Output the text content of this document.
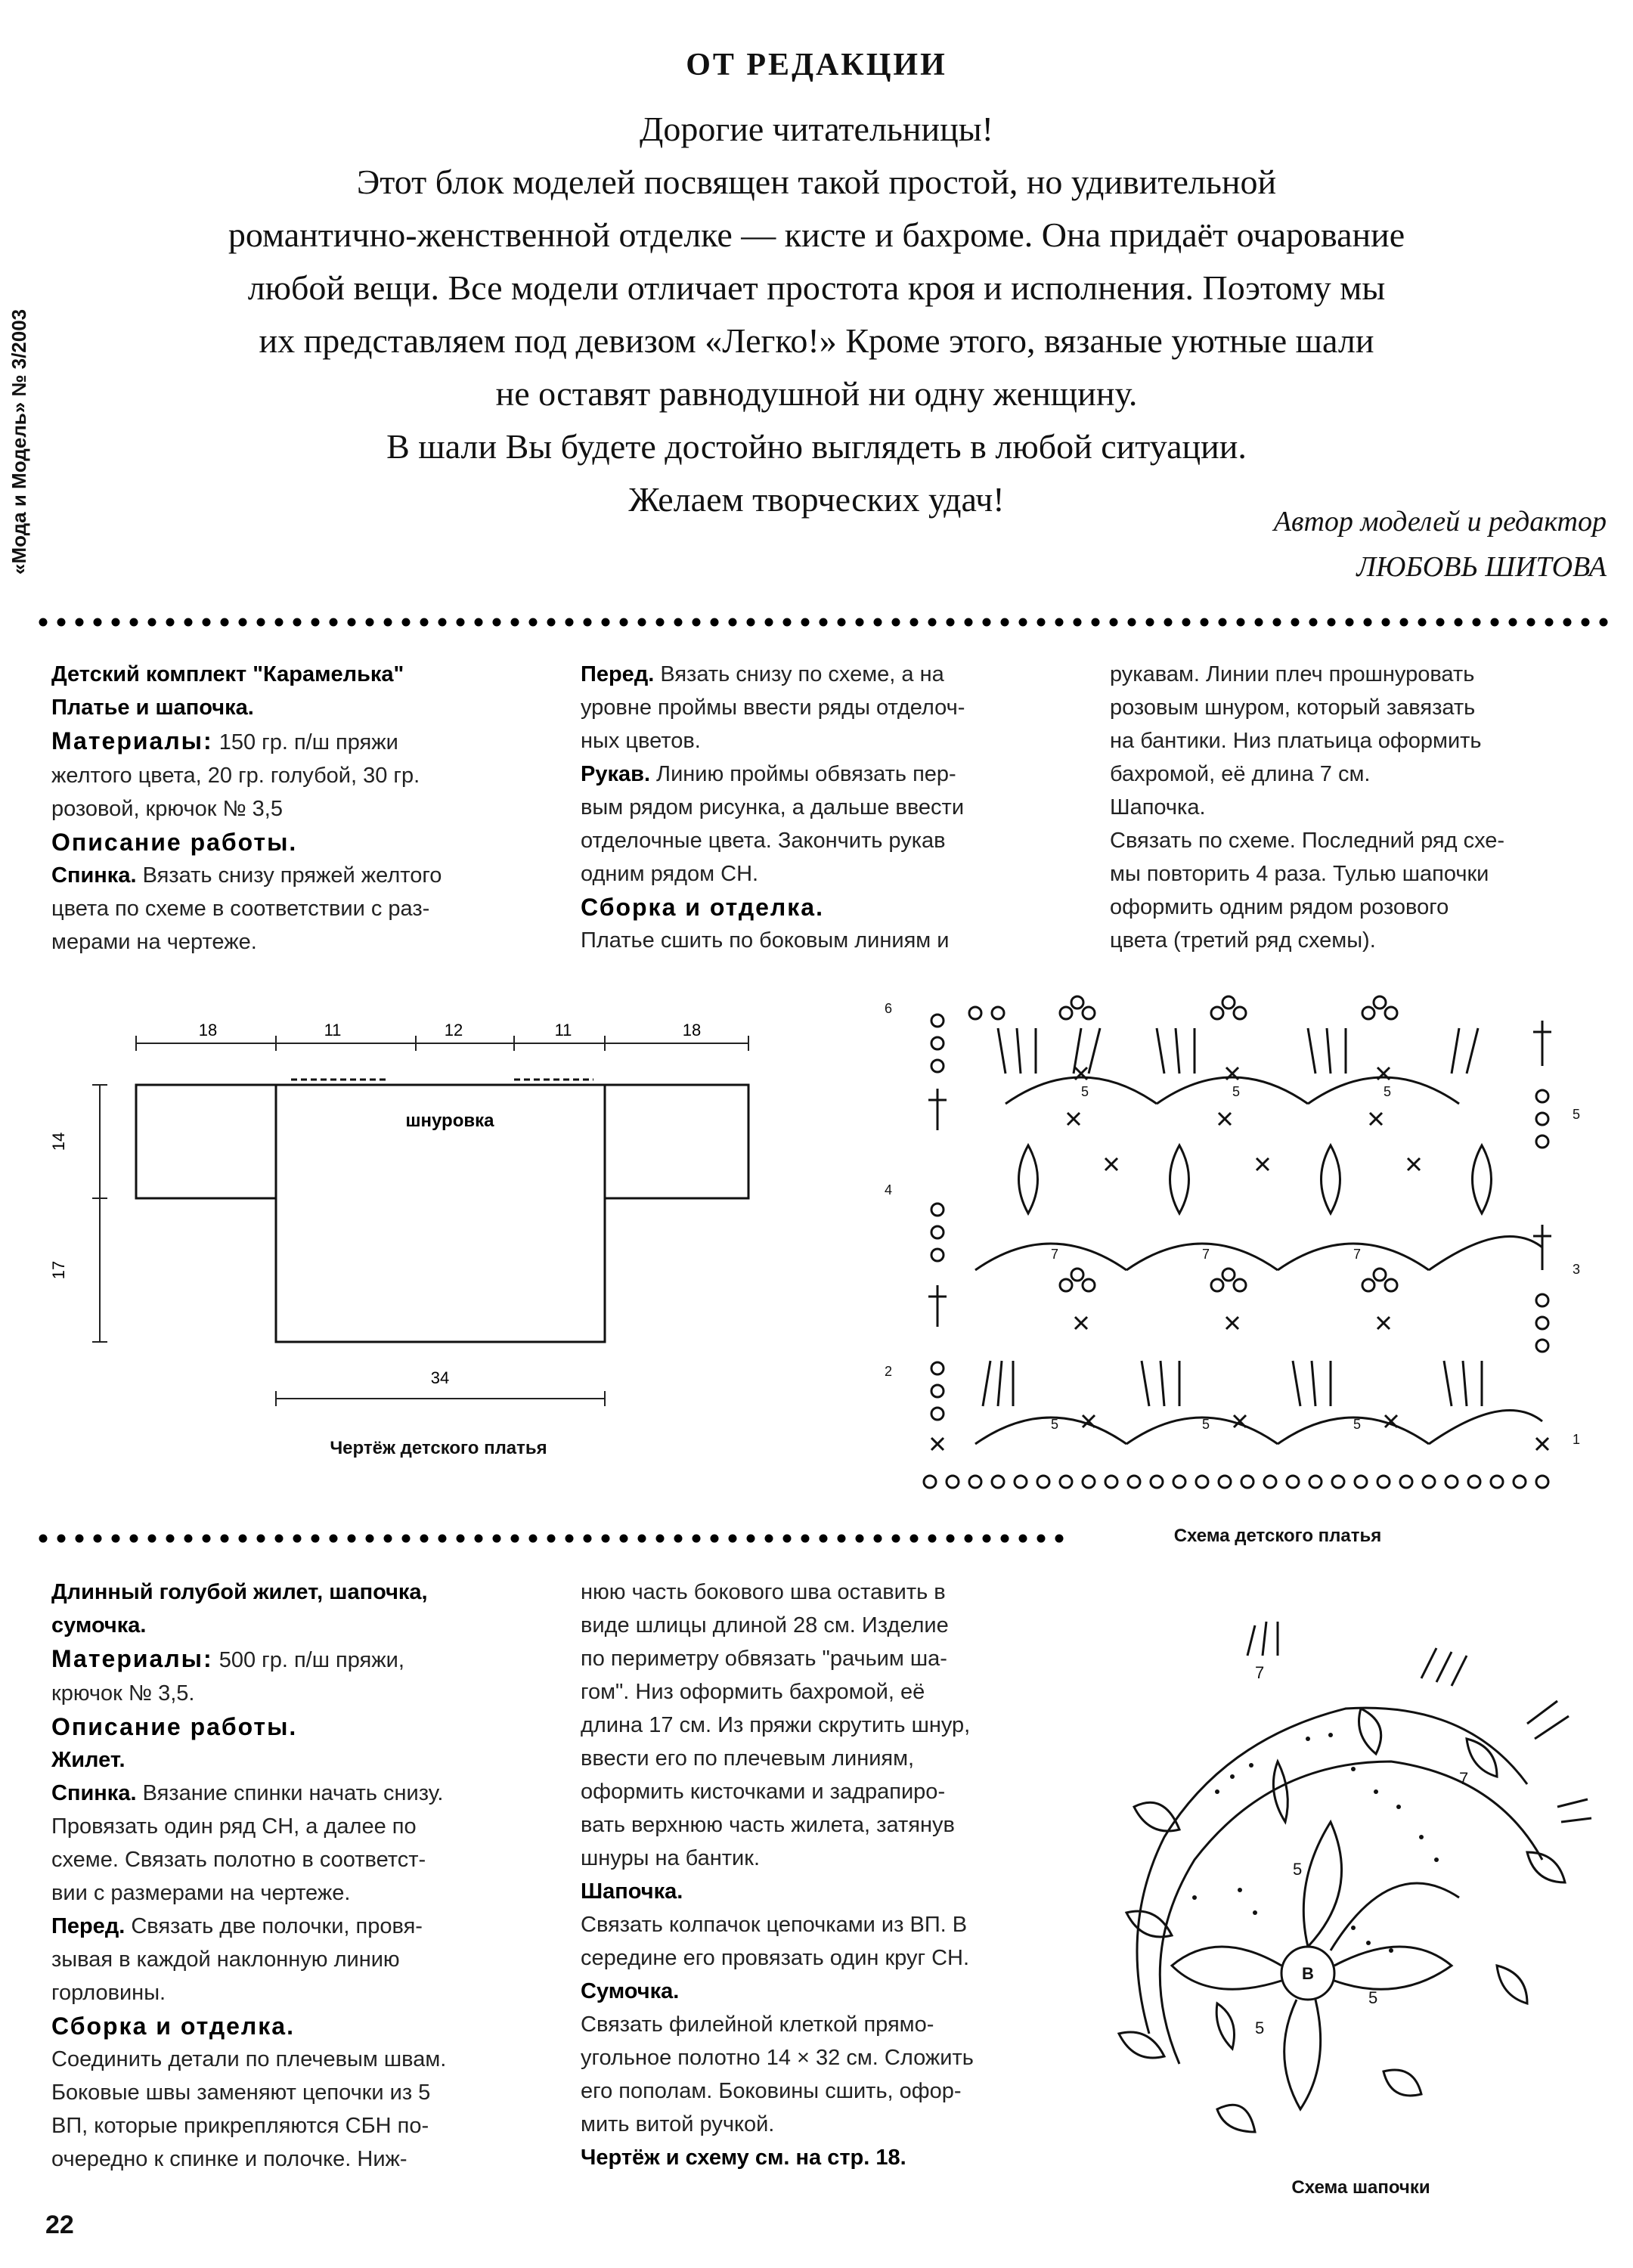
«Мода и Модель» № 3/2003
ОТ РЕДАКЦИИ
Дорогие читательницы!
Этот блок моделей посвящен такой простой, но удивительной
романтично-женственной отделке — кисте и бахроме. Она придаёт очарование
любой вещи. Все модели отличает простота кроя и исполнения. Поэтому мы
их представляем под девизом «Легко!» Кроме этого, вязаные уютные шали
не оставят равнодушной ни одну женщину.
В шали Вы будете достойно выглядеть в любой ситуации.
Желаем творческих удач!
Автор моделей и редактор
ЛЮБОВЬ ШИТОВА
Детский комплект "Карамелька"
Платье и шапочка.
Материалы: 150 гр. п/ш пряжи
желтого цвета, 20 гр. голубой, 30 гр.
розовой, крючок № 3,5
Описание работы.
Спинка. Вязать снизу пряжей желтого
цвета по схеме в соответствии с раз-
мерами на чертеже.
Перед. Вязать снизу по схеме, а на
уровне проймы ввести ряды отделоч-
ных цветов.
Рукав. Линию проймы обвязать пер-
вым рядом рисунка, а дальше ввести
отделочные цвета. Закончить рукав
одним рядом СН.
Сборка и отделка.
Платье сшить по боковым линиям и
рукавам. Линии плеч прошнуровать
розовым шнуром, который завязать
на бантики. Низ платьица оформить
бахромой, её длина 7 см.
Шапочка.
Связать по схеме. Последний ряд схе-
мы повторить 4 раза. Тулью шапочки
оформить одним рядом розового
цвета (третий ряд схемы).
18	11	12	11	18
шнуровка
14
17
34
Чертёж детского платья
6
4
2
5
3
1
5	5	5
7	7	7
5	5	5
Схема детского платья
Длинный голубой жилет, шапочка,
сумочка.
Материалы: 500 гр. п/ш пряжи,
крючок № 3,5.
Описание работы.
Жилет.
Спинка. Вязание спинки начать снизу.
Провязать один ряд СН, а далее по
схеме. Связать полотно в соответст-
вии с размерами на чертеже.
Перед. Связать две полочки, провя-
зывая в каждой наклонную линию
горловины.
Сборка и отделка.
Соединить детали по плечевым швам.
Боковые швы заменяют цепочки из 5
ВП, которые прикрепляются СБН по-
очередно к спинке и полочке. Ниж-
нюю часть бокового шва оставить в
виде шлицы длиной 28 см. Изделие
по периметру обвязать "рачьим ша-
гом". Низ оформить бахромой, её
длина 17 см. Из пряжи скрутить шнур,
ввести его по плечевым линиям,
оформить кисточками и задрапиро-
вать верхнюю часть жилета, затянув
шнуры на бантик.
Шапочка.
Связать колпачок цепочками из ВП. В
середине его провязать один круг СН.
Сумочка.
Связать филейной клеткой прямо-
угольное полотно 14 × 32 см. Сложить
его пополам. Боковины сшить, офор-
мить витой ручкой.
Чертёж и схему см. на стр. 18.
В
7
7
5
5
5
Схема шапочки
22
